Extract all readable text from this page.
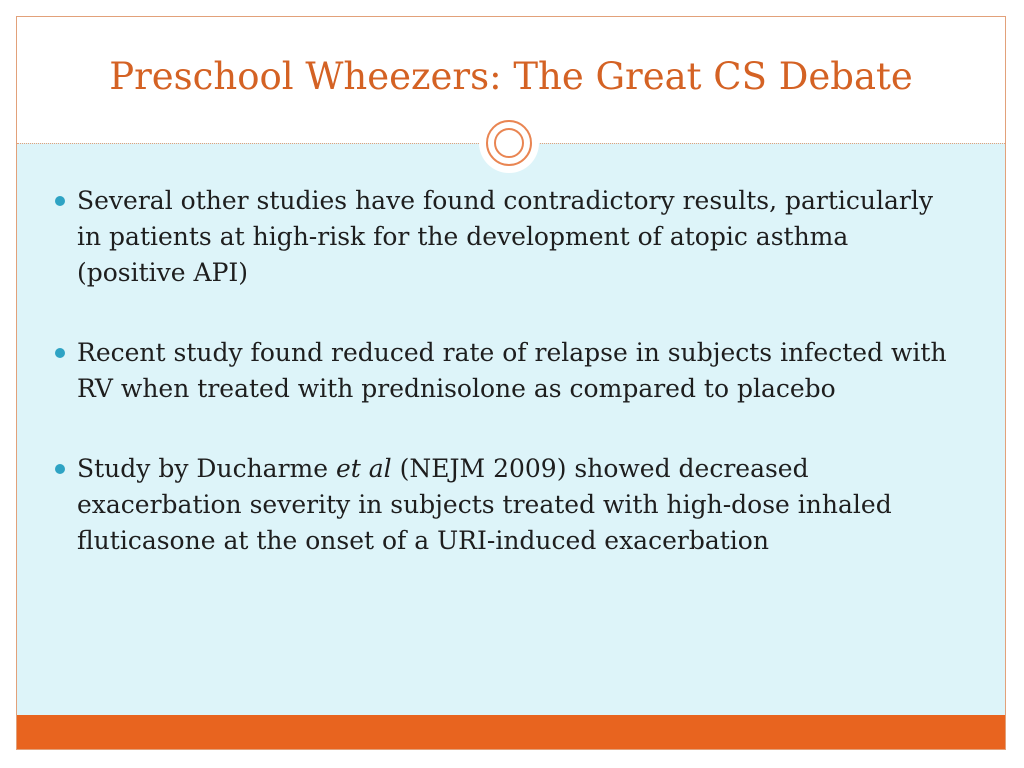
Preschool Wheezers: The Great CS Debate
Several other studies have found contradictory results, particularly in patients at high-risk for the development of atopic asthma (positive API)
Recent study found reduced rate of relapse in subjects infected with RV when treated with prednisolone as compared to placebo
Study by Ducharme et al (NEJM 2009) showed decreased exacerbation severity in subjects treated with high-dose inhaled fluticasone at the onset of a URI-induced exacerbation
